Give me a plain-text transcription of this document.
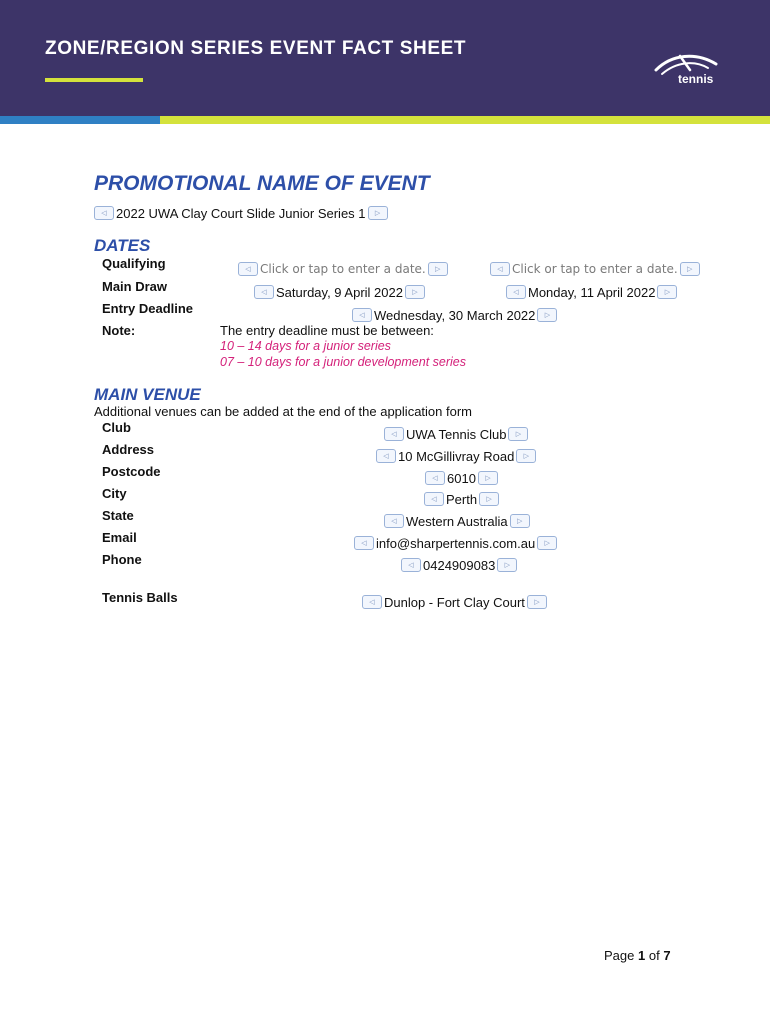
ZONE/REGION SERIES EVENT FACT SHEET
tennis
PROMOTIONAL NAME OF EVENT
◁ 2022 UWA Clay Court Slide Junior Series 1	▷
DATES
Qualifying	◁ Click or tap to enter a date.	▷	◁ Click or tap to enter a date.	▷
Main Draw	◁ Saturday, 9 April 2022	▷	◁ Monday, 11 April 2022	▷
Entry Deadline	◁ Wednesday, 30 March 2022	▷
Note:	The entry deadline must be between:
10 – 14 days for a junior series
07 – 10 days for a junior development series
MAIN VENUE
Additional venues can be added at the end of the application form
Club	◁ UWA Tennis Club	▷
Address	◁ 10 McGillivray Road	▷
Postcode	◁ 6010	▷
City	◁ Perth	▷
State	◁ Western Australia	▷
Email	◁ info@sharpertennis.com.au	▷
Phone	◁ 0424909083	▷
Tennis Balls	◁ Dunlop - Fort Clay Court	▷
Page 1 of 7
